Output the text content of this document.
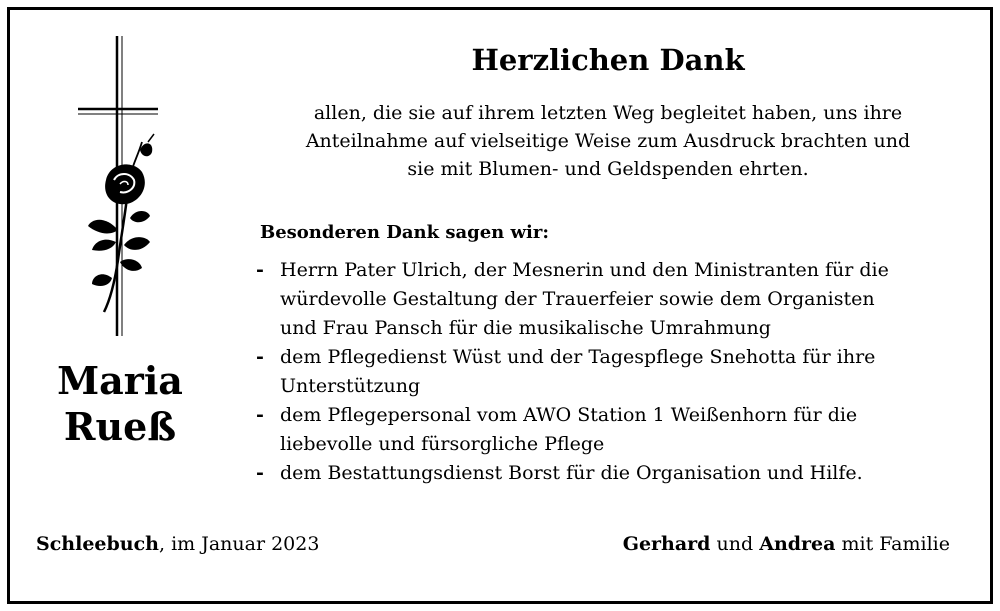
Maria
Rueß
Herzlichen Dank
allen, die sie auf ihrem letzten Weg begleitet haben, uns ihre
Anteilnahme auf vielseitige Weise zum Ausdruck brachten und
sie mit Blumen- und Geldspenden ehrten.
Besonderen Dank sagen wir:
- Herrn Pater Ulrich, der Mesnerin und den Ministranten für die
würdevolle Gestaltung der Trauerfeier sowie dem Organisten
und Frau Pansch für die musikalische Umrahmung
- dem Pflegedienst Wüst und der Tagespflege Snehotta für ihre
Unterstützung
- dem Pflegepersonal vom AWO Station 1 Weißenhorn für die
liebevolle und fürsorgliche Pflege
- dem Bestattungsdienst Borst für die Organisation und Hilfe.
Schleebuch, im Januar 2023	Gerhard und Andrea mit Familie
